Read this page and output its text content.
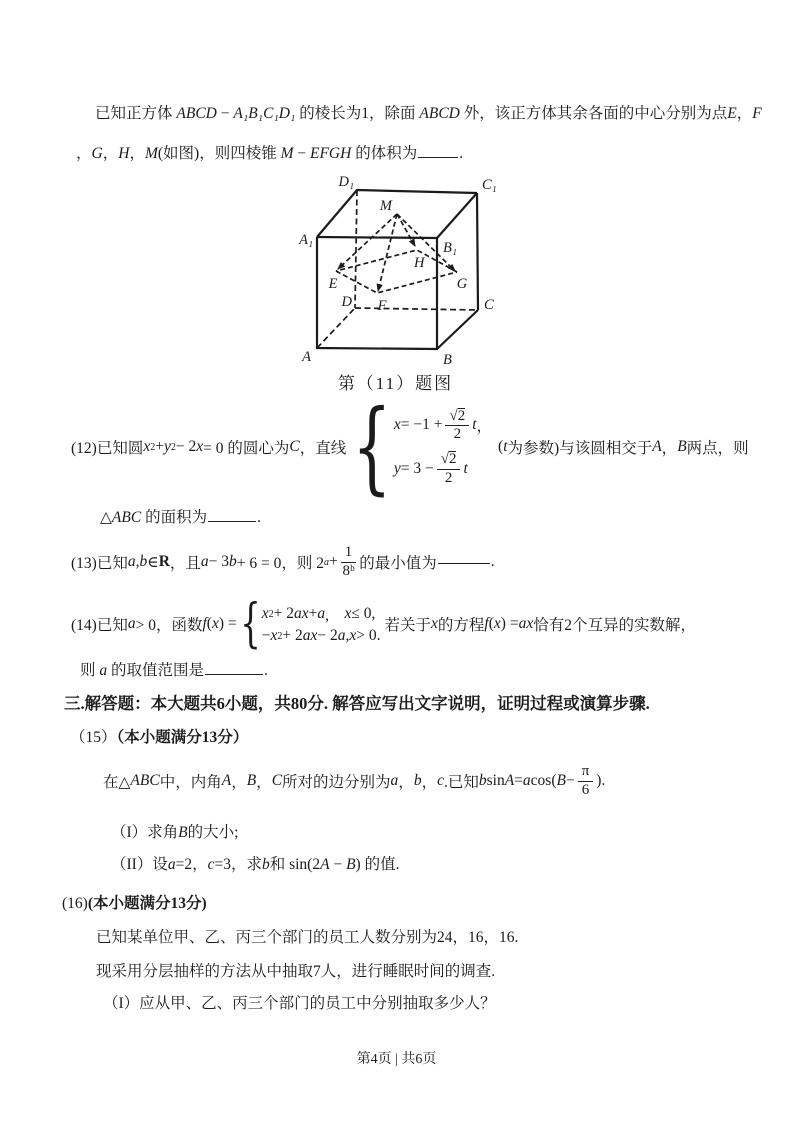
已知正方体 ABCD − A₁B₁C₁D₁ 的棱长为1，除面 ABCD 外，该正方体其余各面的中心分别为点E，F
，G，H，M(如图)，则四棱锥 M − EFGH 的体积为	.
D₁	C₁
A₁	B₁
M
H
E
F
G
D	C
A	B
第（11）题图
(12)已知圆 x 2 + y 2 − 2 x = 0 的圆心为 C ，直线 { $x = -1 + \frac{√ 2}{2}$ t ，
$y = 3 - \frac{√ 2}{2}$ t
( t 为参数)与该圆相交于 A ， B 两点，则
△ABC 的面积为	.
(13)已知 a , b ∈ R ，且 a − 3 b + 6 = 0，则 2 $a + \frac{1}{\text{8ᵇ}}$ 的最小值为	.
(14)已知 a > 0，函数 f ( x ) = { x 2 + 2 ax + a ,　 x ≤ 0,
− x 2 + 2 ax − 2 a , x > 0.
若关于 x 的方程 f ( x ) = ax 恰有2个互异的实数解，
则 a 的取值范围是	.
三.解答题：本大题共6小题，共80分. 解答应写出文字说明，证明过程或演算步骤.
（15）（本小题满分13分）
在△ ABC 中，内角 A ， B ， C 所对的边分别为 a ， b ， c .已知 b sin A = a cos( $B - \frac{\pi}{6}$ ).
（I）求角B的大小;
（II）设a=2，c=3，求b和 sin(2A − B) 的值.
(16)(本小题满分13分)
已知某单位甲、乙、丙三个部门的员工人数分别为24，16，16.
现采用分层抽样的方法从中抽取7人，进行睡眠时间的调查.
（I）应从甲、乙、丙三个部门的员工中分别抽取多少人？
第4页 | 共6页
